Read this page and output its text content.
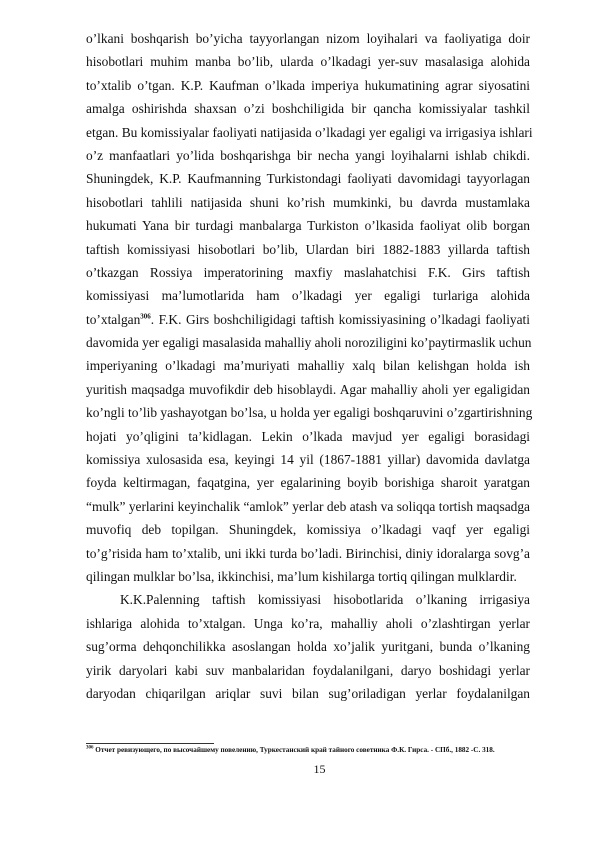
o’lkani boshqarish bo’yicha tayyorlangan nizom loyihalari va faoliyatiga doir
hisobotlari muhim manba bo’lib, ularda o’lkadagi yer-suv masalasiga alohida
to’xtalib o’tgan. K.P. Kaufman o’lkada imperiya hukumatining agrar siyosatini
amalga oshirishda shaxsan o’zi boshchiligida bir qancha komissiyalar tashkil
etgan. Bu komissiyalar faoliyati natijasida o’lkadagi yer egaligi va irrigasiya ishlari
o’z manfaatlari yo’lida boshqarishga bir necha yangi loyihalarni ishlab chikdi.
Shuningdek, K.P. Kaufmanning Turkistondagi faoliyati davomidagi tayyorlagan
hisobotlari tahlili natijasida shuni ko’rish mumkinki, bu davrda mustamlaka
hukumati Yana bir turdagi manbalarga Turkiston o’lkasida faoliyat olib borgan
taftish komissiyasi hisobotlari bo’lib, Ulardan biri 1882-1883 yillarda taftish
o’tkazgan Rossiya imperatorining maxfiy maslahatchisi F.K. Girs taftish
komissiyasi ma’lumotlarida ham o’lkadagi yer egaligi turlariga alohida
to’xtalgan$^{306}$. F.K. Girs boshchiligidagi taftish komissiyasining o’lkadagi faoliyati
davomida yer egaligi masalasida mahalliy aholi noroziligini ko’paytirmaslik uchun
imperiyaning o’lkadagi ma’muriyati mahalliy xalq bilan kelishgan holda ish
yuritish maqsadga muvofikdir deb hisoblaydi. Agar mahalliy aholi yer egaligidan
ko’ngli to’lib yashayotgan bo’lsa, u holda yer egaligi boshqaruvini o’zgartirishning
hojati yo’qligini ta’kidlagan. Lekin o’lkada mavjud yer egaligi borasidagi
komissiya xulosasida esa, keyingi 14 yil (1867-1881 yillar) davomida davlatga
foyda keltirmagan, faqatgina, yer egalarining boyib borishiga sharoit yaratgan
“mulk” yerlarini keyinchalik “amlok” yerlar deb atash va soliqqa tortish maqsadga
muvofiq deb topilgan. Shuningdek, komissiya o’lkadagi vaqf yer egaligi
to’g’risida ham to’xtalib, uni ikki turda bo’ladi. Birinchisi, diniy idoralarga sovg’a
qilingan mulklar bo’lsa, ikkinchisi, ma’lum kishilarga tortiq qilingan mulklardir.
K.K.Palenning taftish komissiyasi hisobotlarida o’lkaning irrigasiya
ishlariga alohida to’xtalgan. Unga ko’ra, mahalliy aholi o’zlashtirgan yerlar
sug’orma dehqonchilikka asoslangan holda xo’jalik yuritgani, bunda o’lkaning
yirik daryolari kabi suv manbalaridan foydalanilgani, daryo boshidagi yerlar
daryodan chiqarilgan ariqlar suvi bilan sug’oriladigan yerlar foydalanilgan
$^{306}$ Отчет ревизующего, по высочайшему повелению, Туркестанский край тайного советника Ф.К. Гирса. - СПб., 1882 -С. 318.
15
